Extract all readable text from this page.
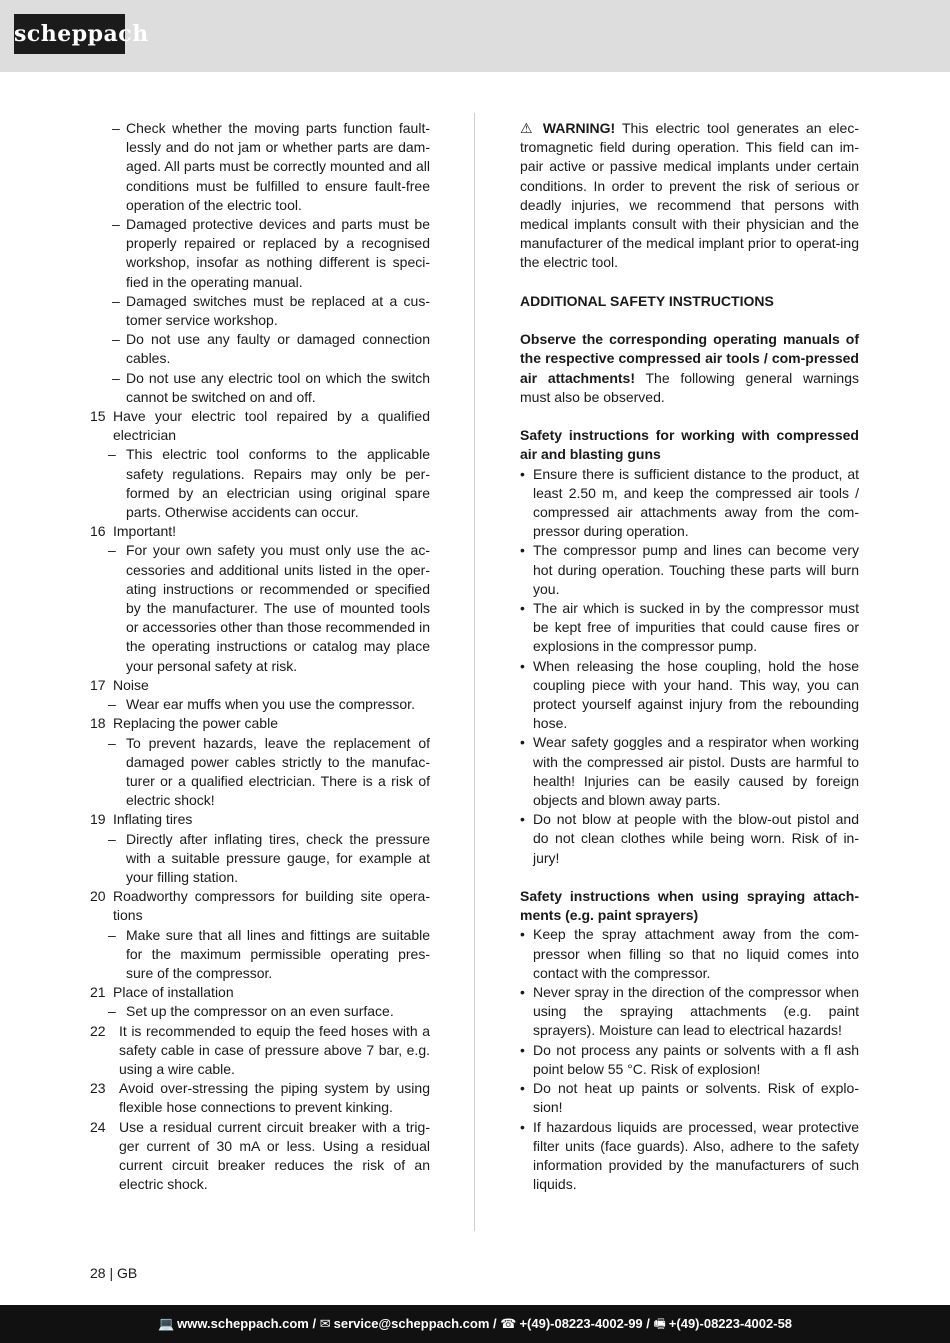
scheppach
– Check whether the moving parts function fault-lessly and do not jam or whether parts are dam-aged. All parts must be correctly mounted and all conditions must be fulfilled to ensure fault-free operation of the electric tool.
– Damaged protective devices and parts must be properly repaired or replaced by a recognised workshop, insofar as nothing different is speci-fied in the operating manual.
– Damaged switches must be replaced at a cus-tomer service workshop.
– Do not use any faulty or damaged connection cables.
– Do not use any electric tool on which the switch cannot be switched on and off.
15 Have your electric tool repaired by a qualified electrician
– This electric tool conforms to the applicable safety regulations. Repairs may only be per-formed by an electrician using original spare parts. Otherwise accidents can occur.
16 Important!
– For your own safety you must only use the ac-cessories and additional units listed in the oper-ating instructions or recommended or specified by the manufacturer. The use of mounted tools or accessories other than those recommended in the operating instructions or catalog may place your personal safety at risk.
17 Noise
– Wear ear muffs when you use the compressor.
18 Replacing the power cable
– To prevent hazards, leave the replacement of damaged power cables strictly to the manufac-turer or a qualified electrician. There is a risk of electric shock!
19 Inflating tires
– Directly after inflating tires, check the pressure with a suitable pressure gauge, for example at your filling station.
20 Roadworthy compressors for building site opera-tions
– Make sure that all lines and fittings are suitable for the maximum permissible operating pres-sure of the compressor.
21 Place of installation
– Set up the compressor on an even surface.
22 It is recommended to equip the feed hoses with a safety cable in case of pressure above 7 bar, e.g. using a wire cable.
23 Avoid over-stressing the piping system by using flexible hose connections to prevent kinking.
24 Use a residual current circuit breaker with a trig-ger current of 30 mA or less. Using a residual current circuit breaker reduces the risk of an electric shock.

⚠ WARNING! This electric tool generates an elec-tromagnetic field during operation. This field can im-pair active or passive medical implants under certain conditions. In order to prevent the risk of serious or deadly injuries, we recommend that persons with medical implants consult with their physician and the manufacturer of the medical implant prior to operat-ing the electric tool.

ADDITIONAL SAFETY INSTRUCTIONS

Observe the corresponding operating manuals of the respective compressed air tools / com-pressed air attachments! The following general warnings must also be observed.

Safety instructions for working with compressed air and blasting guns

• Ensure there is sufficient distance to the product, at least 2.50 m, and keep the compressed air tools / compressed air attachments away from the com-pressor during operation.
• The compressor pump and lines can become very hot during operation. Touching these parts will burn you.
• The air which is sucked in by the compressor must be kept free of impurities that could cause fires or explosions in the compressor pump.
• When releasing the hose coupling, hold the hose coupling piece with your hand. This way, you can protect yourself against injury from the rebounding hose.
• Wear safety goggles and a respirator when working with the compressed air pistol. Dusts are harmful to health! Injuries can be easily caused by foreign objects and blown away parts.
• Do not blow at people with the blow-out pistol and do not clean clothes while being worn. Risk of in-jury!

Safety instructions when using spraying attach-ments (e.g. paint sprayers)

• Keep the spray attachment away from the com-pressor when filling so that no liquid comes into contact with the compressor.
• Never spray in the direction of the compressor when using the spraying attachments (e.g. paint sprayers). Moisture can lead to electrical hazards!
• Do not process any paints or solvents with a fl ash point below 55 °C. Risk of explosion!
• Do not heat up paints or solvents. Risk of explo-sion!
• If hazardous liquids are processed, wear protective filter units (face guards). Also, adhere to the safety information provided by the manufacturers of such liquids.
28 | GB
💻 www.scheppach.com / ✉ service@scheppach.com / ☎ +(49)-08223-4002-99 / 🖷 +(49)-08223-4002-58
